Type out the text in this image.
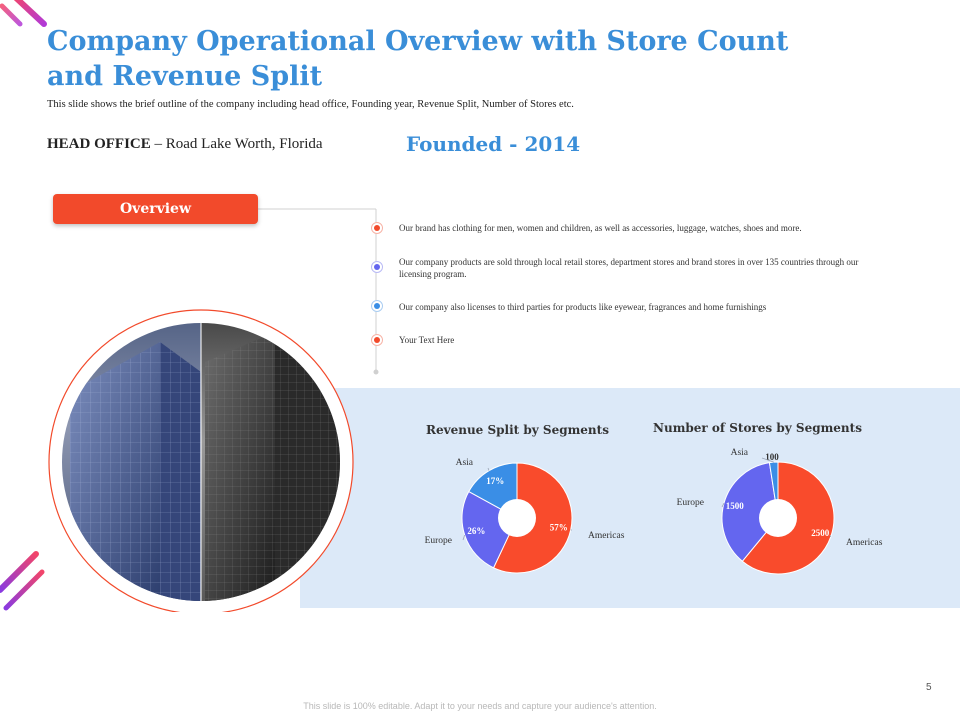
Company Operational Overview with Store Count and Revenue Split
This slide shows the brief outline of the company including head office, Founding year, Revenue Split, Number of Stores etc.
HEAD OFFICE – Road Lake Worth, Florida	Founded - 2014
Overview
Our brand has clothing for men, women and children, as well as accessories, luggage, watches, shoes and more.
Our company products are sold through local retail stores, department stores and brand stores in over 135 countries through our licensing program.
Our company also licenses to third parties for products like eyewear, fragrances and home furnishings
Your Text Here
Revenue Split by Segments	Number of Stores by Segments
57%
Americas
26%
Europe
17%
Asia
2500
Americas
1500
Europe
100
Asia
This slide is 100% editable. Adapt it to your needs and capture your audience's attention.
5
